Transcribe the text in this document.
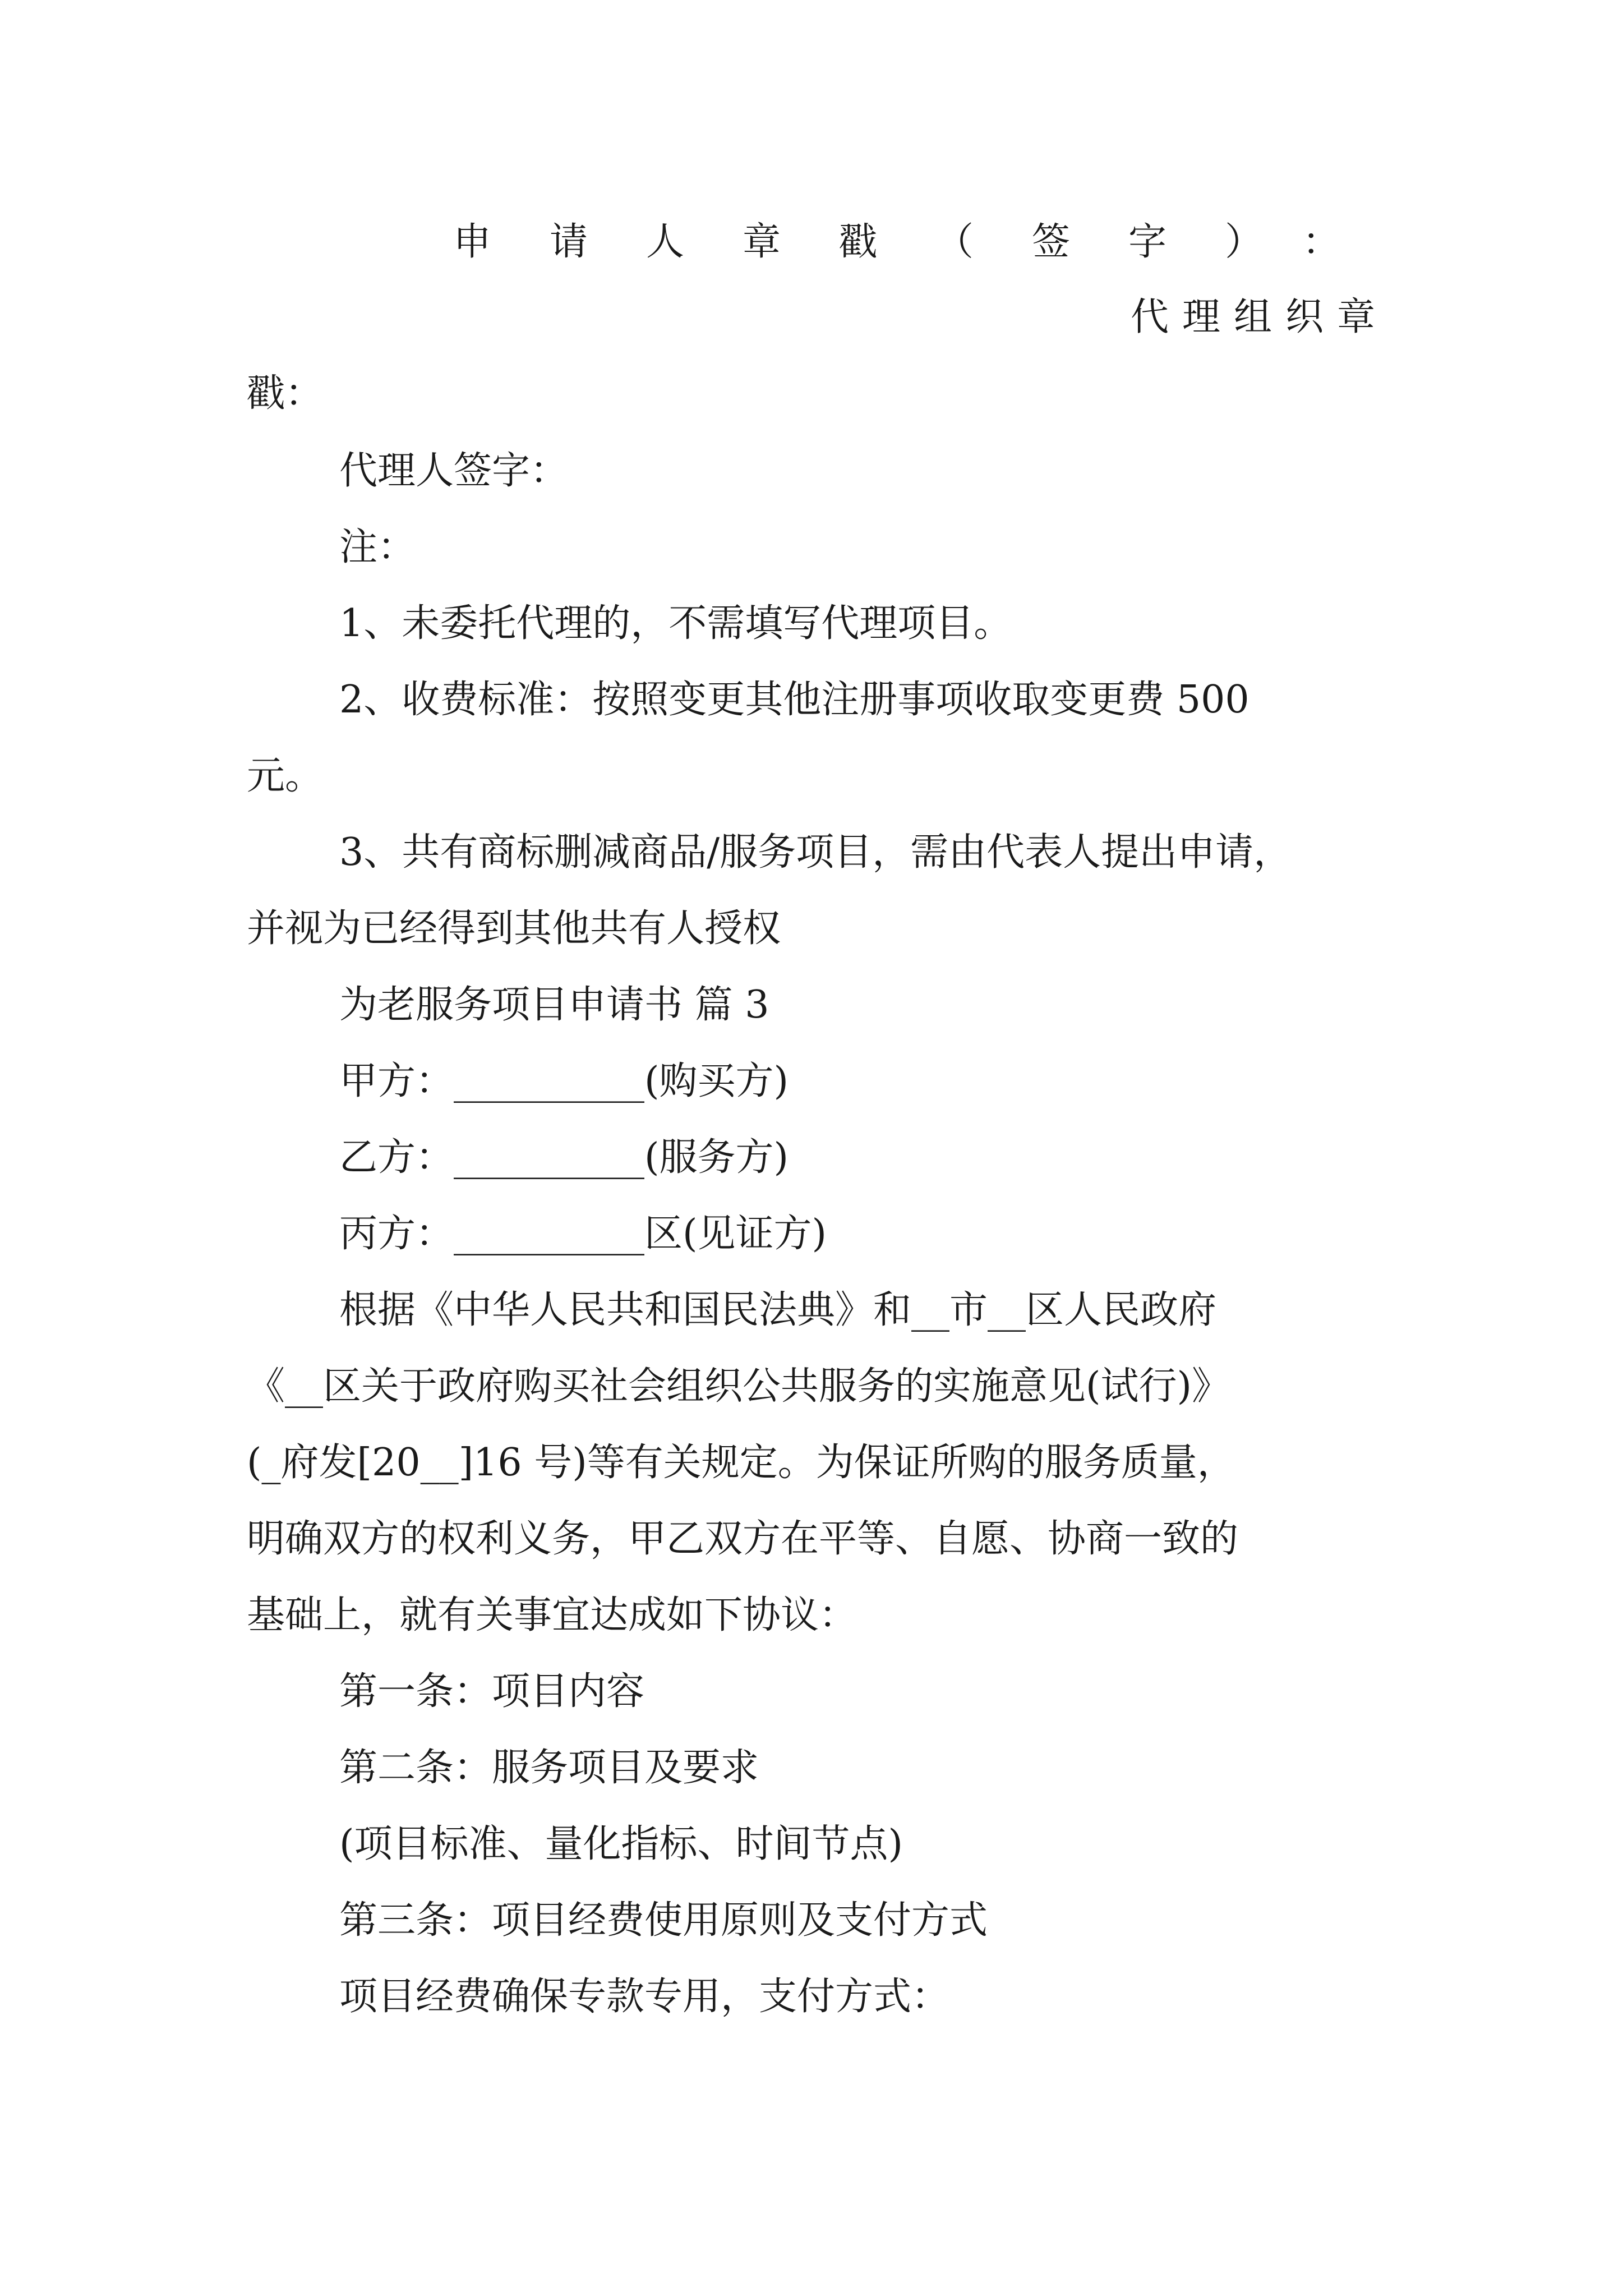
申请人章戳（签字）：
代理组织章
戳：
代理人签字：
注：
1、未委托代理的，不需填写代理项目。
2、收费标准：按照变更其他注册事项收取变更费 500
元。
3、共有商标删减商品/服务项目，需由代表人提出申请，
并视为已经得到其他共有人授权
为老服务项目申请书 篇 3
甲方：__________(购买方)
乙方：__________(服务方)
丙方：__________区(见证方)
根据《中华人民共和国民法典》和__市__区人民政府
《__区关于政府购买社会组织公共服务的实施意见(试行)》
(_府发[20__]16 号)等有关规定。为保证所购的服务质量，
明确双方的权利义务，甲乙双方在平等、自愿、协商一致的
基础上，就有关事宜达成如下协议：
第一条：项目内容
第二条：服务项目及要求
(项目标准、量化指标、时间节点)
第三条：项目经费使用原则及支付方式
项目经费确保专款专用，支付方式：
